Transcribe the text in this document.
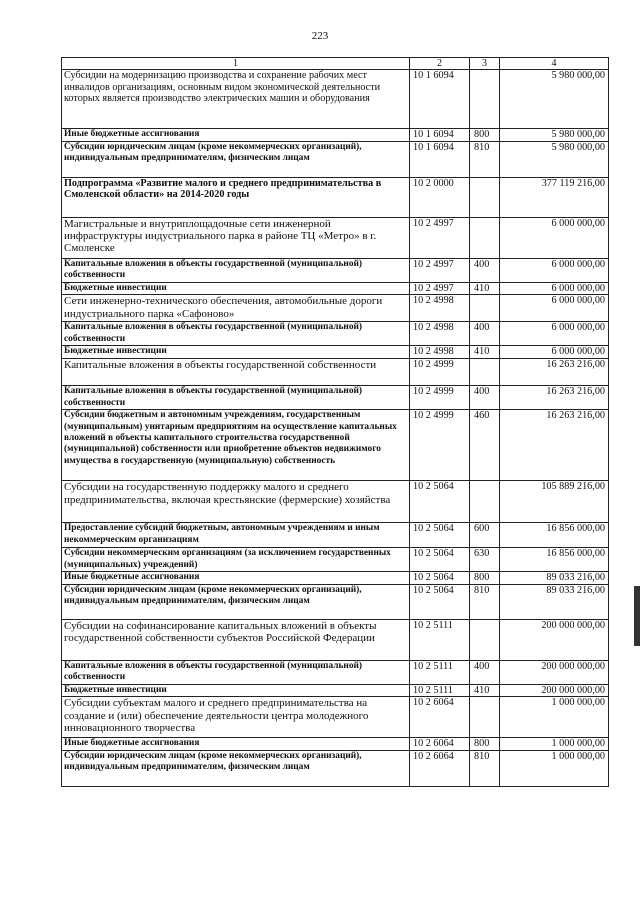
223
1	2	3	4
Субсидии на модернизацию производства и сохранение рабочих мест инвалидов организациям, основным видом экономической деятельности которых является производство электрических машин и оборудования	10 1 6094		5 980 000,00
Иные бюджетные ассигнования	10 1 6094	800	5 980 000,00
Субсидии юридическим лицам (кроме некоммерческих организаций), индивидуальным предпринимателям, физическим лицам	10 1 6094	810	5 980 000,00
Подпрограмма «Развитие малого и среднего предпринимательства в Смоленской области» на 2014-2020 годы	10 2 0000		377 119 216,00
Магистральные и внутриплощадочные сети инженерной инфраструктуры индустриального парка в районе ТЦ «Метро» в г. Смоленске	10 2 4997		6 000 000,00
Капитальные вложения в объекты государственной (муниципальной) собственности	10 2 4997	400	6 000 000,00
Бюджетные инвестиции	10 2 4997	410	6 000 000,00
Сети инженерно-технического обеспечения, автомобильные дороги индустриального парка «Сафоново»	10 2 4998		6 000 000,00
Капитальные вложения в объекты государственной (муниципальной) собственности	10 2 4998	400	6 000 000,00
Бюджетные инвестиции	10 2 4998	410	6 000 000,00
Капитальные вложения в объекты государственной собственности	10 2 4999		16 263 216,00
Капитальные вложения в объекты государственной (муниципальной) собственности	10 2 4999	400	16 263 216,00
Субсидии бюджетным и автономным учреждениям, государственным (муниципальным) унитарным предприятиям на осуществление капитальных вложений в объекты капитального строительства государственной (муниципальной) собственности или приобретение объектов недвижимого имущества в государственную (муниципальную) собственность	10 2 4999	460	16 263 216,00
Субсидии на государственную поддержку малого и среднего предпринимательства, включая крестьянские (фермерские) хозяйства	10 2 5064		105 889 216,00
Предоставление субсидий бюджетным, автономным учреждениям и иным некоммерческим организациям	10 2 5064	600	16 856 000,00
Субсидии некоммерческим организациям (за исключением государственных (муниципальных) учреждений)	10 2 5064	630	16 856 000,00
Иные бюджетные ассигнования	10 2 5064	800	89 033 216,00
Субсидии юридическим лицам (кроме некоммерческих организаций), индивидуальным предпринимателям, физическим лицам	10 2 5064	810	89 033 216,00
Субсидии на софинансирование капитальных вложений в объекты государственной собственности субъектов Российской Федерации	10 2 5111		200 000 000,00
Капитальные вложения в объекты государственной (муниципальной) собственности	10 2 5111	400	200 000 000,00
Бюджетные инвестиции	10 2 5111	410	200 000 000,00
Субсидии субъектам малого и среднего предпринимательства на создание и (или) обеспечение деятельности центра молодежного инновационного творчества	10 2 6064		1 000 000,00
Иные бюджетные ассигнования	10 2 6064	800	1 000 000,00
Субсидии юридическим лицам (кроме некоммерческих организаций), индивидуальным предпринимателям, физическим лицам	10 2 6064	810	1 000 000,00
